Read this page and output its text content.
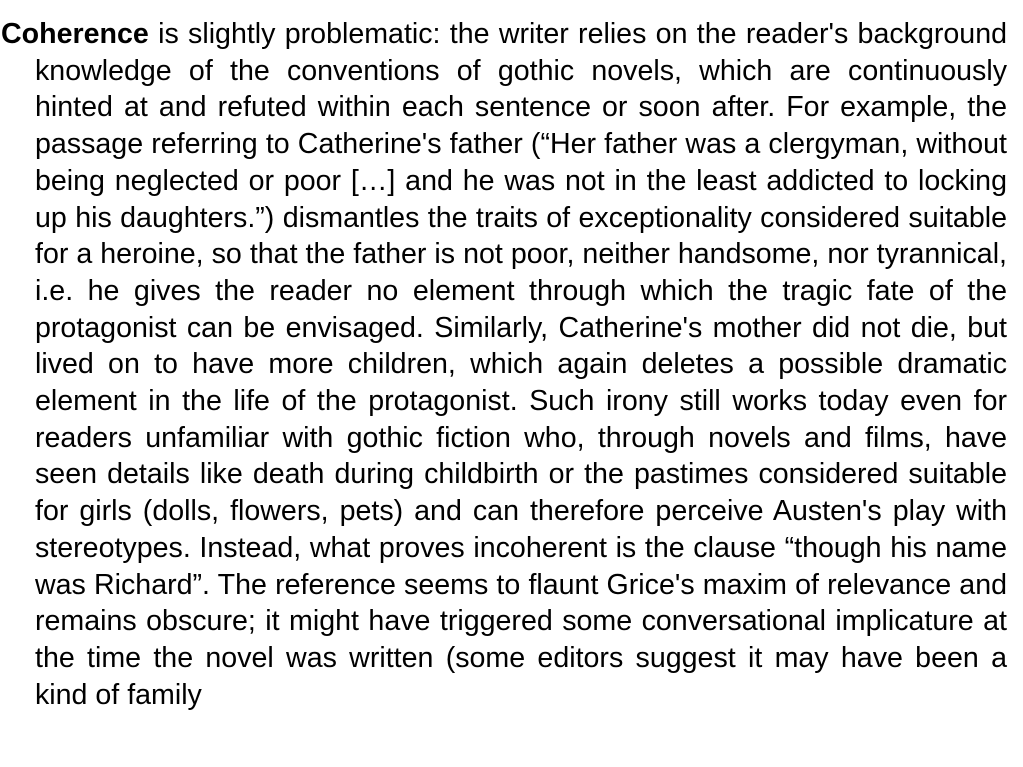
Coherence is slightly problematic: the writer relies on the reader's background knowledge of the conventions of gothic novels, which are continuously hinted at and refuted within each sentence or soon after. For example, the passage referring to Catherine's father (“Her father was a clergyman, without being neglected or poor […] and he was not in the least addicted to locking up his daughters.”) dismantles the traits of exceptionality considered suitable for a heroine, so that the father is not poor, neither handsome, nor tyrannical, i.e. he gives the reader no element through which the tragic fate of the protagonist can be envisaged. Similarly, Catherine's mother did not die, but lived on to have more children, which again deletes a possible dramatic element in the life of the protagonist. Such irony still works today even for readers unfamiliar with gothic fiction who, through novels and films, have seen details like death during childbirth or the pastimes considered suitable for girls (dolls, flowers, pets) and can therefore perceive Austen's play with stereotypes. Instead, what proves incoherent is the clause “though his name was Richard”. The reference seems to flaunt Grice's maxim of relevance and remains obscure; it might have triggered some conversational implicature at the time the novel was written (some editors suggest it may have been a kind of family
